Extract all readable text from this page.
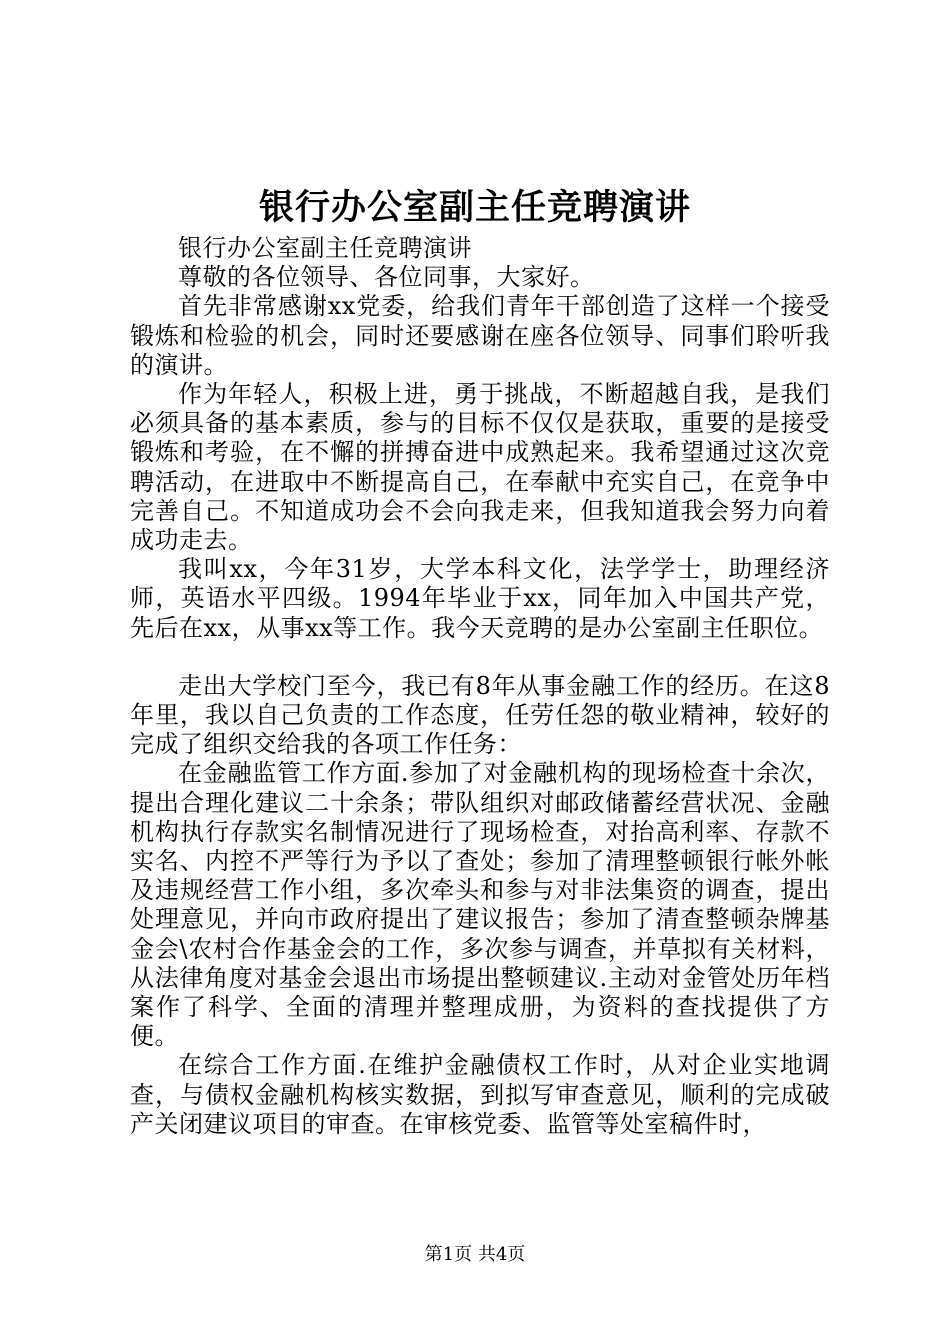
银行办公室副主任竞聘演讲

银行办公室副主任竞聘演讲

尊敬的各位领导、各位同事，大家好。

首先非常感谢xx党委，给我们青年干部创造了这样一个接受锻炼和检验的机会，同时还要感谢在座各位领导、同事们聆听我的演讲。

作为年轻人，积极上进，勇于挑战，不断超越自我，是我们必须具备的基本素质，参与的目标不仅仅是获取，重要的是接受锻炼和考验，在不懈的拼搏奋进中成熟起来。我希望通过这次竞聘活动，在进取中不断提高自己，在奉献中充实自己，在竞争中完善自己。不知道成功会不会向我走来，但我知道我会努力向着成功走去。

我叫xx，今年31岁，大学本科文化，法学学士，助理经济师，英语水平四级。1994年毕业于xx，同年加入中国共产党，先后在xx，从事xx等工作。我今天竞聘的是办公室副主任职位。

走出大学校门至今，我已有8年从事金融工作的经历。在这8年里，我以自己负责的工作态度，任劳任怨的敬业精神，较好的完成了组织交给我的各项工作任务：

在金融监管工作方面.参加了对金融机构的现场检查十余次，提出合理化建议二十余条；带队组织对邮政储蓄经营状况、金融机构执行存款实名制情况进行了现场检查，对抬高利率、存款不实名、内控不严等行为予以了查处；参加了清理整顿银行帐外帐及违规经营工作小组，多次牵头和参与对非法集资的调查，提出处理意见，并向市政府提出了建议报告；参加了清查整顿杂牌基金会\农村合作基金会的工作，多次参与调查，并草拟有关材料，从法律角度对基金会退出市场提出整顿建议.主动对金管处历年档案作了科学、全面的清理并整理成册，为资料的查找提供了方便。

在综合工作方面.在维护金融债权工作时，从对企业实地调查，与债权金融机构核实数据，到拟写审查意见，顺利的完成破产关闭建议项目的审查。在审核党委、监管等处室稿件时，

第1页 共4页
